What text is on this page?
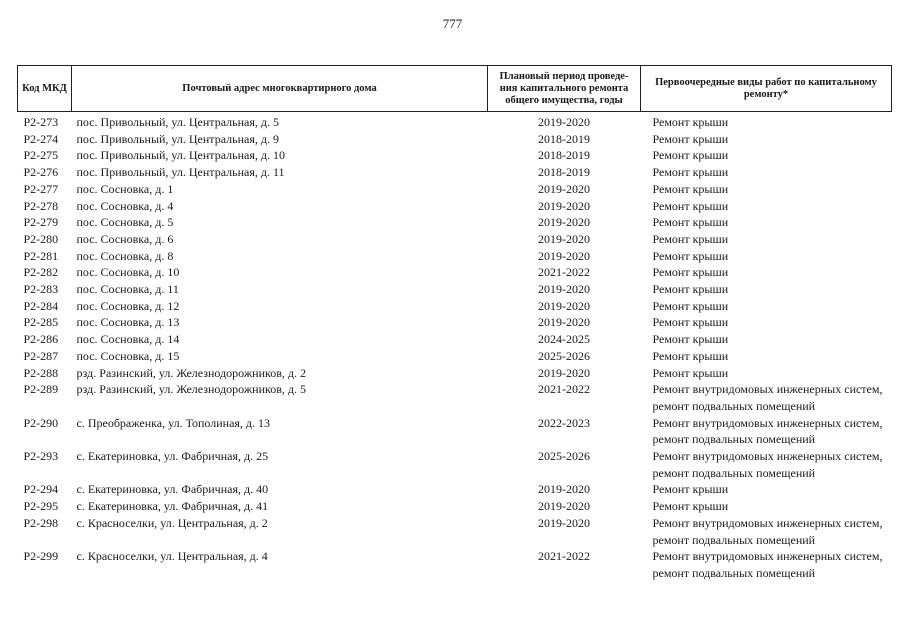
777
Код МКД	Почтовый адрес многоквартирного дома	Плановый период проведе-ния капитального ремонта общего имущества, годы	Первоочередные виды работ по капитальному ремонту*
Р2-273	пос. Привольный, ул. Центральная, д. 5	2019-2020	Ремонт крыши

Р2-274	пос. Привольный, ул. Центральная, д. 9	2018-2019	Ремонт крыши

Р2-275	пос. Привольный, ул. Центральная, д. 10	2018-2019	Ремонт крыши

Р2-276	пос. Привольный, ул. Центральная, д. 11	2018-2019	Ремонт крыши

Р2-277	пос. Сосновка, д. 1	2019-2020	Ремонт крыши

Р2-278	пос. Сосновка, д. 4	2019-2020	Ремонт крыши

Р2-279	пос. Сосновка, д. 5	2019-2020	Ремонт крыши

Р2-280	пос. Сосновка, д. 6	2019-2020	Ремонт крыши

Р2-281	пос. Сосновка, д. 8	2019-2020	Ремонт крыши

Р2-282	пос. Сосновка, д. 10	2021-2022	Ремонт крыши

Р2-283	пос. Сосновка, д. 11	2019-2020	Ремонт крыши

Р2-284	пос. Сосновка, д. 12	2019-2020	Ремонт крыши

Р2-285	пос. Сосновка, д. 13	2019-2020	Ремонт крыши

Р2-286	пос. Сосновка, д. 14	2024-2025	Ремонт крыши

Р2-287	пос. Сосновка, д. 15	2025-2026	Ремонт крыши

Р2-288	рзд. Разинский, ул. Железнодорожников, д. 2	2019-2020	Ремонт крыши

Р2-289	рзд. Разинский, ул. Железнодорожников, д. 5	2021-2022	Ремонт внутридомовых инженерных систем,
ремонт подвальных помещений

Р2-290	с. Преображенка, ул. Тополиная, д. 13	2022-2023	Ремонт внутридомовых инженерных систем,
ремонт подвальных помещений

Р2-293	с. Екатериновка, ул. Фабричная, д. 25	2025-2026	Ремонт внутридомовых инженерных систем,
ремонт подвальных помещений

Р2-294	с. Екатериновка, ул. Фабричная, д. 40	2019-2020	Ремонт крыши

Р2-295	с. Екатериновка, ул. Фабричная, д. 41	2019-2020	Ремонт крыши

Р2-298	с. Красноселки, ул. Центральная, д. 2	2019-2020	Ремонт внутридомовых инженерных систем,
ремонт подвальных помещений

Р2-299	с. Красноселки, ул. Центральная, д. 4	2021-2022	Ремонт внутридомовых инженерных систем,
ремонт подвальных помещений
